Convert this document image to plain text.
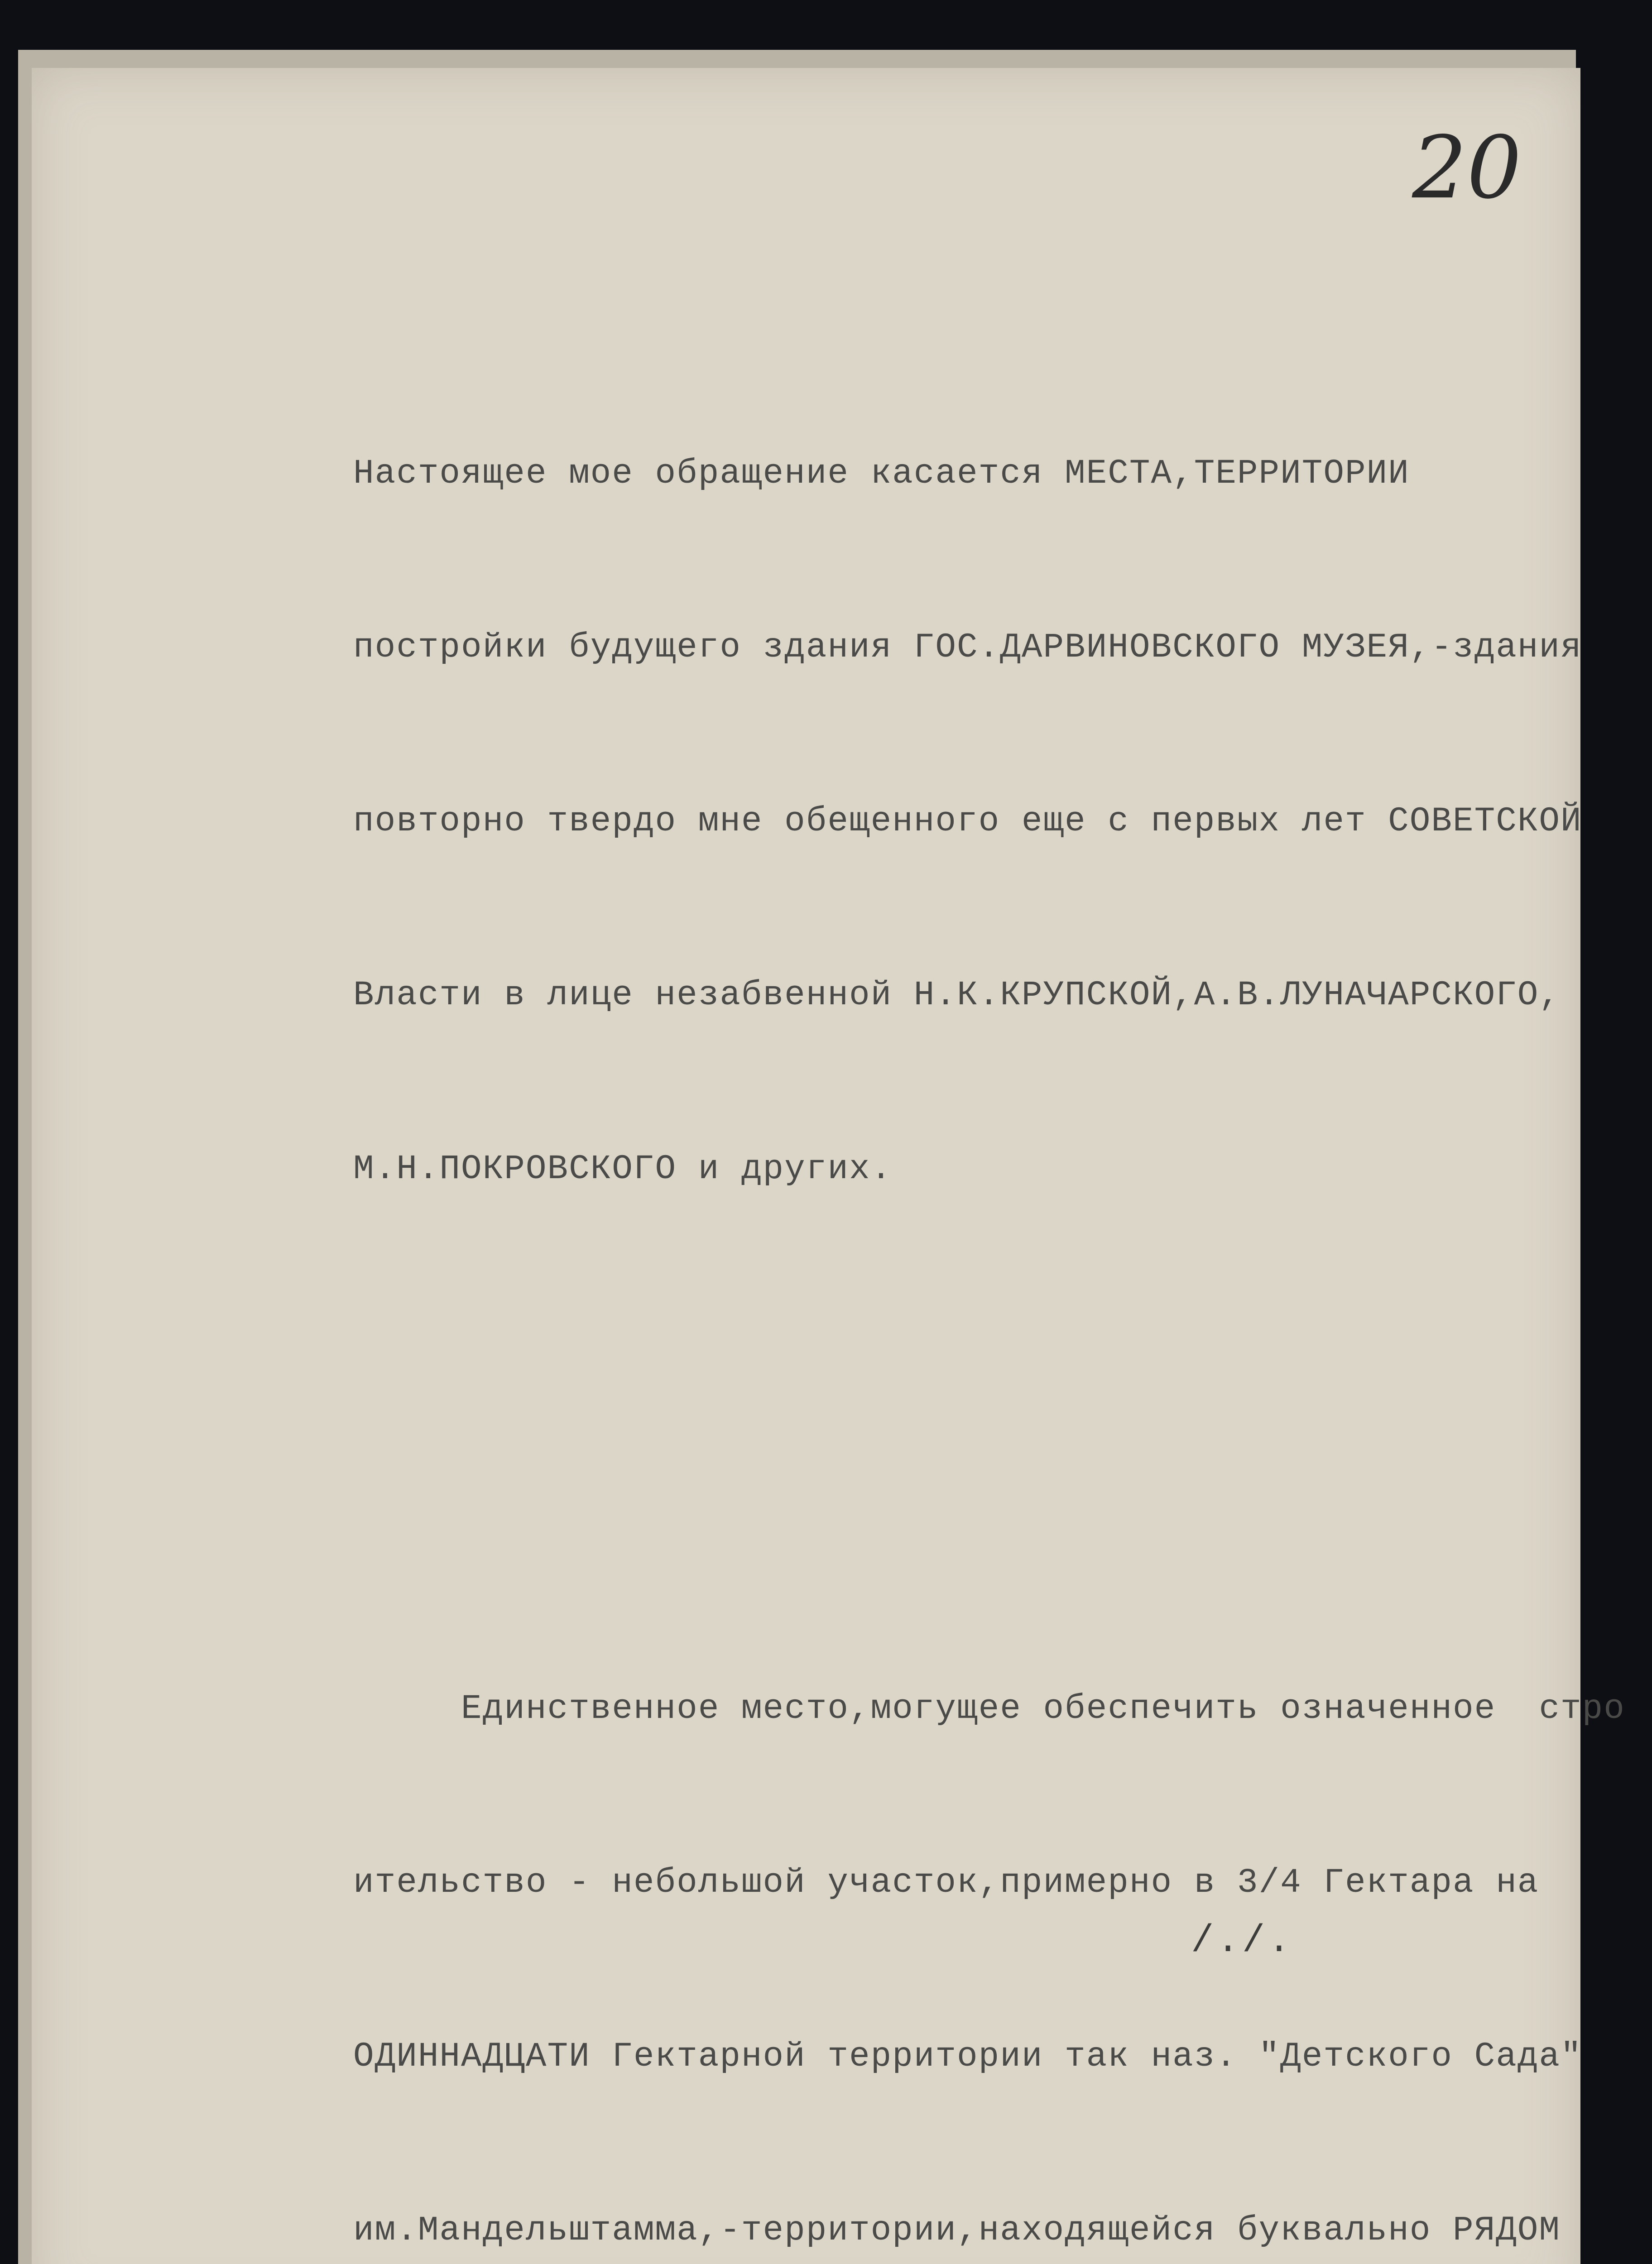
20

Настоящее мое обращение касается МЕСТА,ТЕРРИТОРИИ

постройки будущего здания ГОС.ДАРВИНОВСКОГО МУЗЕЯ,-здания

повторно твердо мне обещенного еще с первых лет СОВЕТСКОЙ

Власти в лице незабвенной Н.К.КРУПСКОЙ,А.В.ЛУНАЧАРСКОГО,

М.Н.ПОКРОВСКОГО и других.

Единственное место,могущее обеспечить означенное  стро

ительство - небольшой участок,примерно в 3/4 Гектара на

ОДИННАДЦАТИ Гектарной территории так наз. "Детского Сада"

им.Мандельштамма,-территории,находящейся буквально РЯДОМ

/./.
